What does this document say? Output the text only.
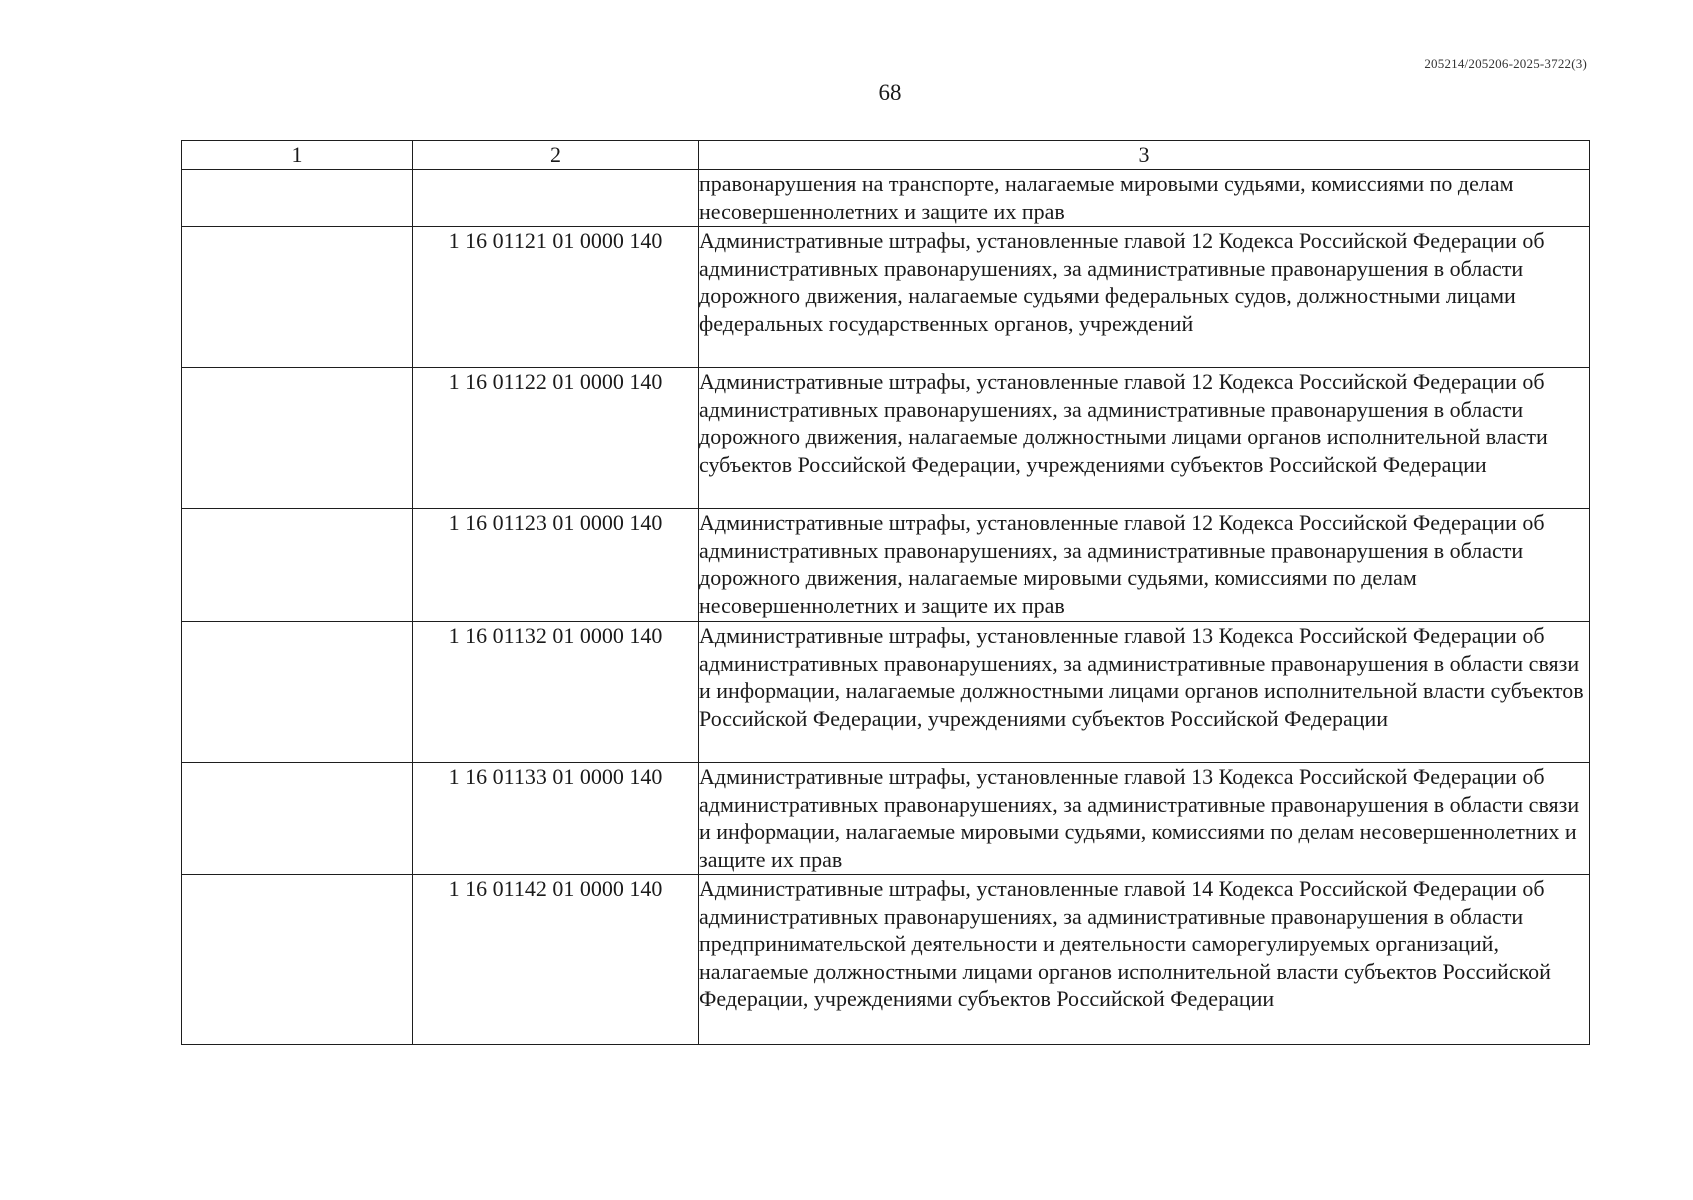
205214/205206-2025-3722(3)
68
1	2	3
		правонарушения на транспорте, налагаемые мировыми судьями, комиссиями по делам несовершеннолетних и защите их прав
	1 16 01121 01 0000 140	Административные штрафы, установленные главой 12 Кодекса Российской Федерации об административных правонарушениях, за административные правонарушения в области дорожного движения, налагаемые судьями федеральных судов, должностными лицами федеральных государственных органов, учреждений
	1 16 01122 01 0000 140	Административные штрафы, установленные главой 12 Кодекса Российской Федерации об административных правонарушениях, за административные правонарушения в области дорожного движения, налагаемые должностными лицами органов исполнительной власти субъектов Российской Федерации, учреждениями субъектов Российской Федерации
	1 16 01123 01 0000 140	Административные штрафы, установленные главой 12 Кодекса Российской Федерации об административных правонарушениях, за административные правонарушения в области дорожного движения, налагаемые мировыми судьями, комиссиями по делам несовершеннолетних и защите их прав
	1 16 01132 01 0000 140	Административные штрафы, установленные главой 13 Кодекса Российской Федерации об административных правонарушениях, за административные правонарушения в области связи и информации, налагаемые должностными лицами органов исполнительной власти субъектов Российской Федерации, учреждениями субъектов Российской Федерации
	1 16 01133 01 0000 140	Административные штрафы, установленные главой 13 Кодекса Российской Федерации об административных правонарушениях, за административные правонарушения в области связи и информации, налагаемые мировыми судьями, комиссиями по делам несовершеннолетних и защите их прав
	1 16 01142 01 0000 140	Административные штрафы, установленные главой 14 Кодекса Российской Федерации об административных правонарушениях, за административные правонарушения в области предпринимательской деятельности и деятельности саморегулируемых организаций, налагаемые должностными лицами органов исполнительной власти субъектов Российской Федерации, учреждениями субъектов Российской Федерации
